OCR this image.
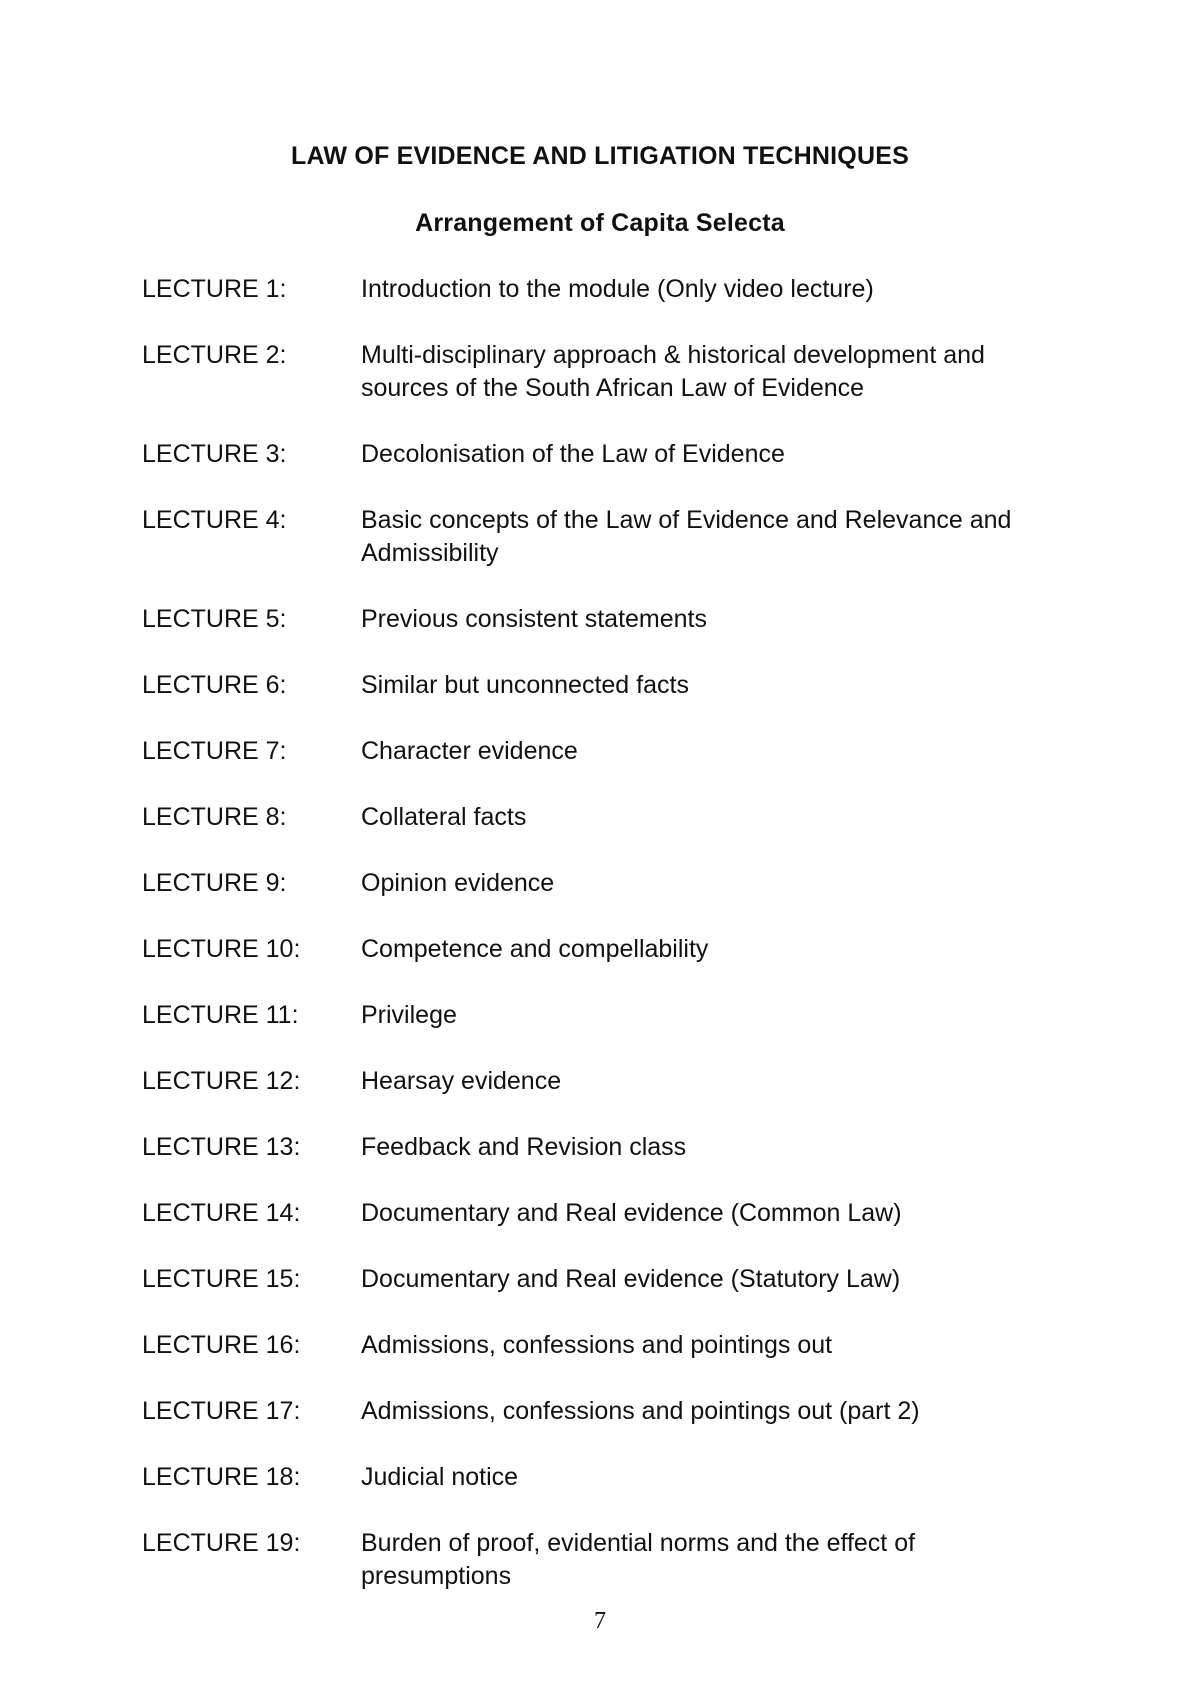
LAW OF EVIDENCE AND LITIGATION TECHNIQUES
Arrangement of Capita Selecta
LECTURE 1:	Introduction to the module (Only video lecture)
LECTURE 2:	Multi-disciplinary approach & historical development and sources of the South African Law of Evidence
LECTURE 3:	Decolonisation of the Law of Evidence
LECTURE 4:	Basic concepts of the Law of Evidence and Relevance and Admissibility
LECTURE 5:	Previous consistent statements
LECTURE 6:	Similar but unconnected facts
LECTURE 7:	Character evidence
LECTURE 8:	Collateral facts
LECTURE 9:	Opinion evidence
LECTURE 10:	Competence and compellability
LECTURE 11:	Privilege
LECTURE 12:	Hearsay evidence
LECTURE 13:	Feedback and Revision class
LECTURE 14:	Documentary and Real evidence (Common Law)
LECTURE 15:	Documentary and Real evidence (Statutory Law)
LECTURE 16:	Admissions, confessions and pointings out
LECTURE 17:	Admissions, confessions and pointings out (part 2)
LECTURE 18:	Judicial notice
LECTURE 19:	Burden of proof, evidential norms and the effect of presumptions
7
